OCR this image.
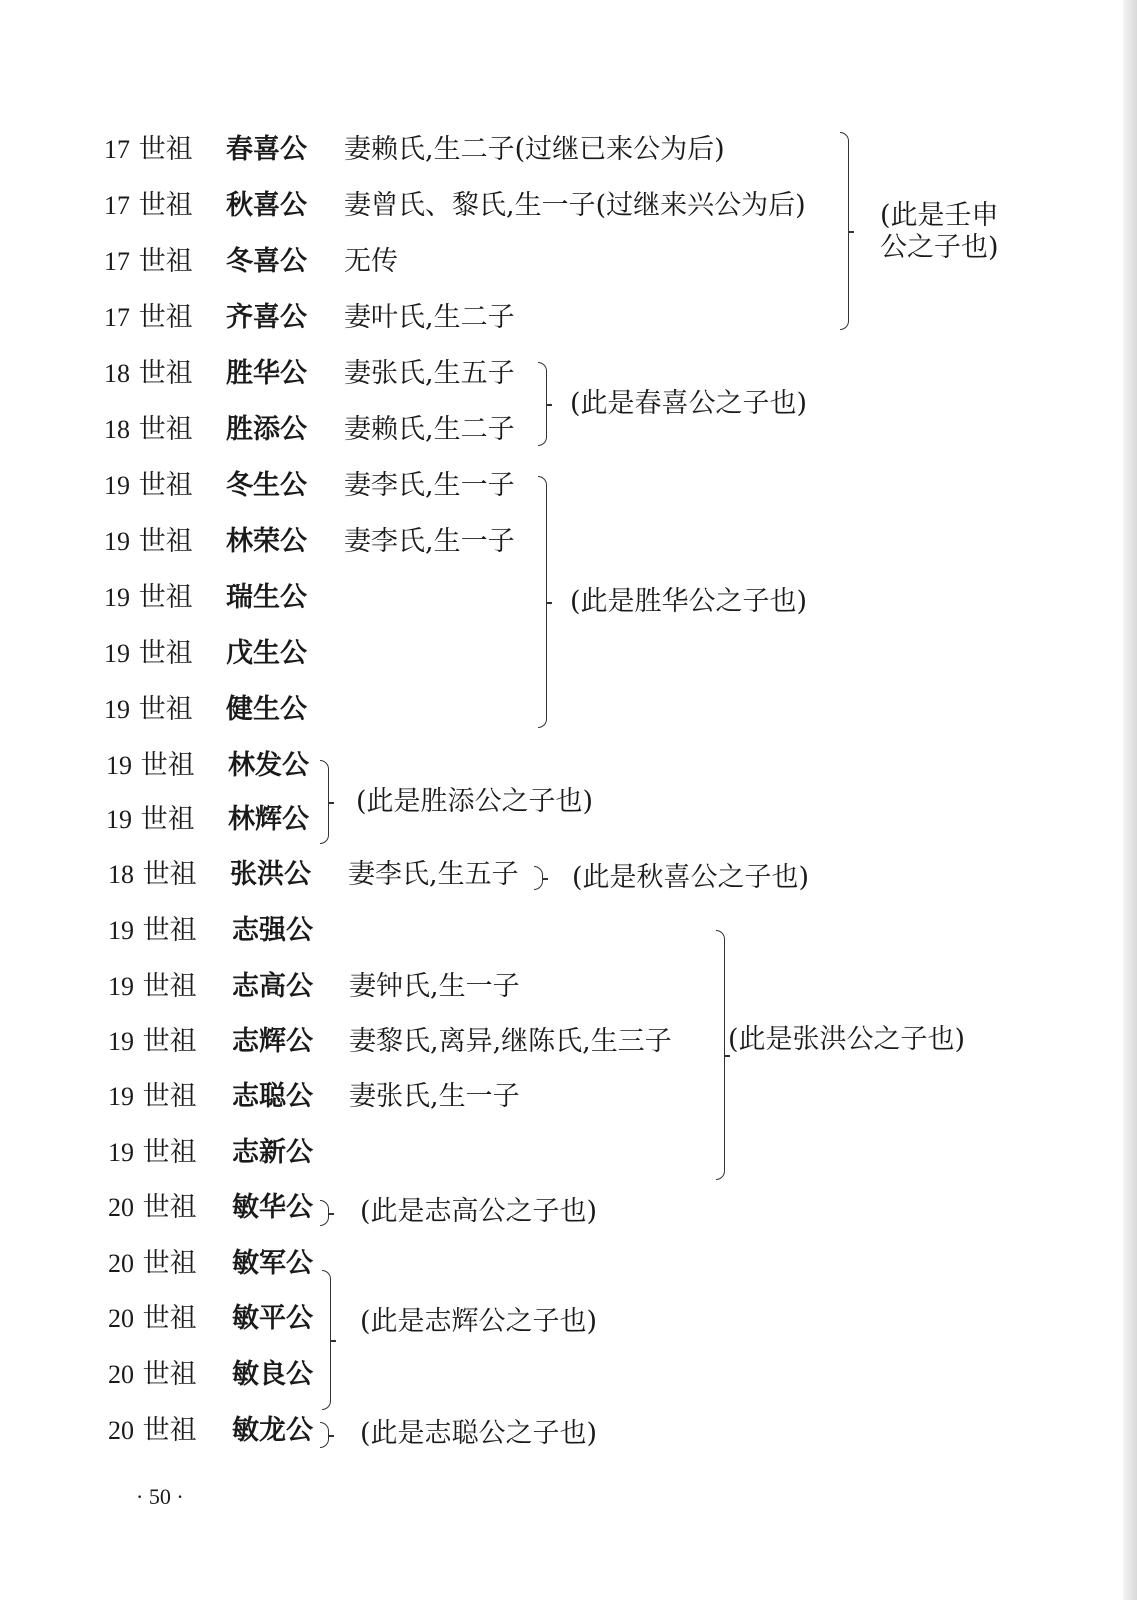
17 世祖 春喜公 妻赖氏,生二子(过继已来公为后)
17 世祖 秋喜公 妻曾氏、黎氏,生一子(过继来兴公为后)
17 世祖 冬喜公 无传
17 世祖 齐喜公 妻叶氏,生二子
18 世祖 胜华公 妻张氏,生五子
18 世祖 胜添公 妻赖氏,生二子
19 世祖 冬生公 妻李氏,生一子
19 世祖 林荣公 妻李氏,生一子
19 世祖 瑞生公
19 世祖 戊生公
19 世祖 健生公
19 世祖 林发公
19 世祖 林辉公
18 世祖 张洪公 妻李氏,生五子
19 世祖 志强公
19 世祖 志高公 妻钟氏,生一子
19 世祖 志辉公 妻黎氏,离异,继陈氏,生三子
19 世祖 志聪公 妻张氏,生一子
19 世祖 志新公
20 世祖 敏华公
20 世祖 敏军公
20 世祖 敏平公
20 世祖 敏良公
20 世祖 敏龙公
(此是壬申
公之子也)
(此是春喜公之子也)
(此是胜华公之子也)
(此是胜添公之子也)
(此是秋喜公之子也)
(此是张洪公之子也)
(此是志高公之子也)
(此是志辉公之子也)
(此是志聪公之子也)
· 50 ·
